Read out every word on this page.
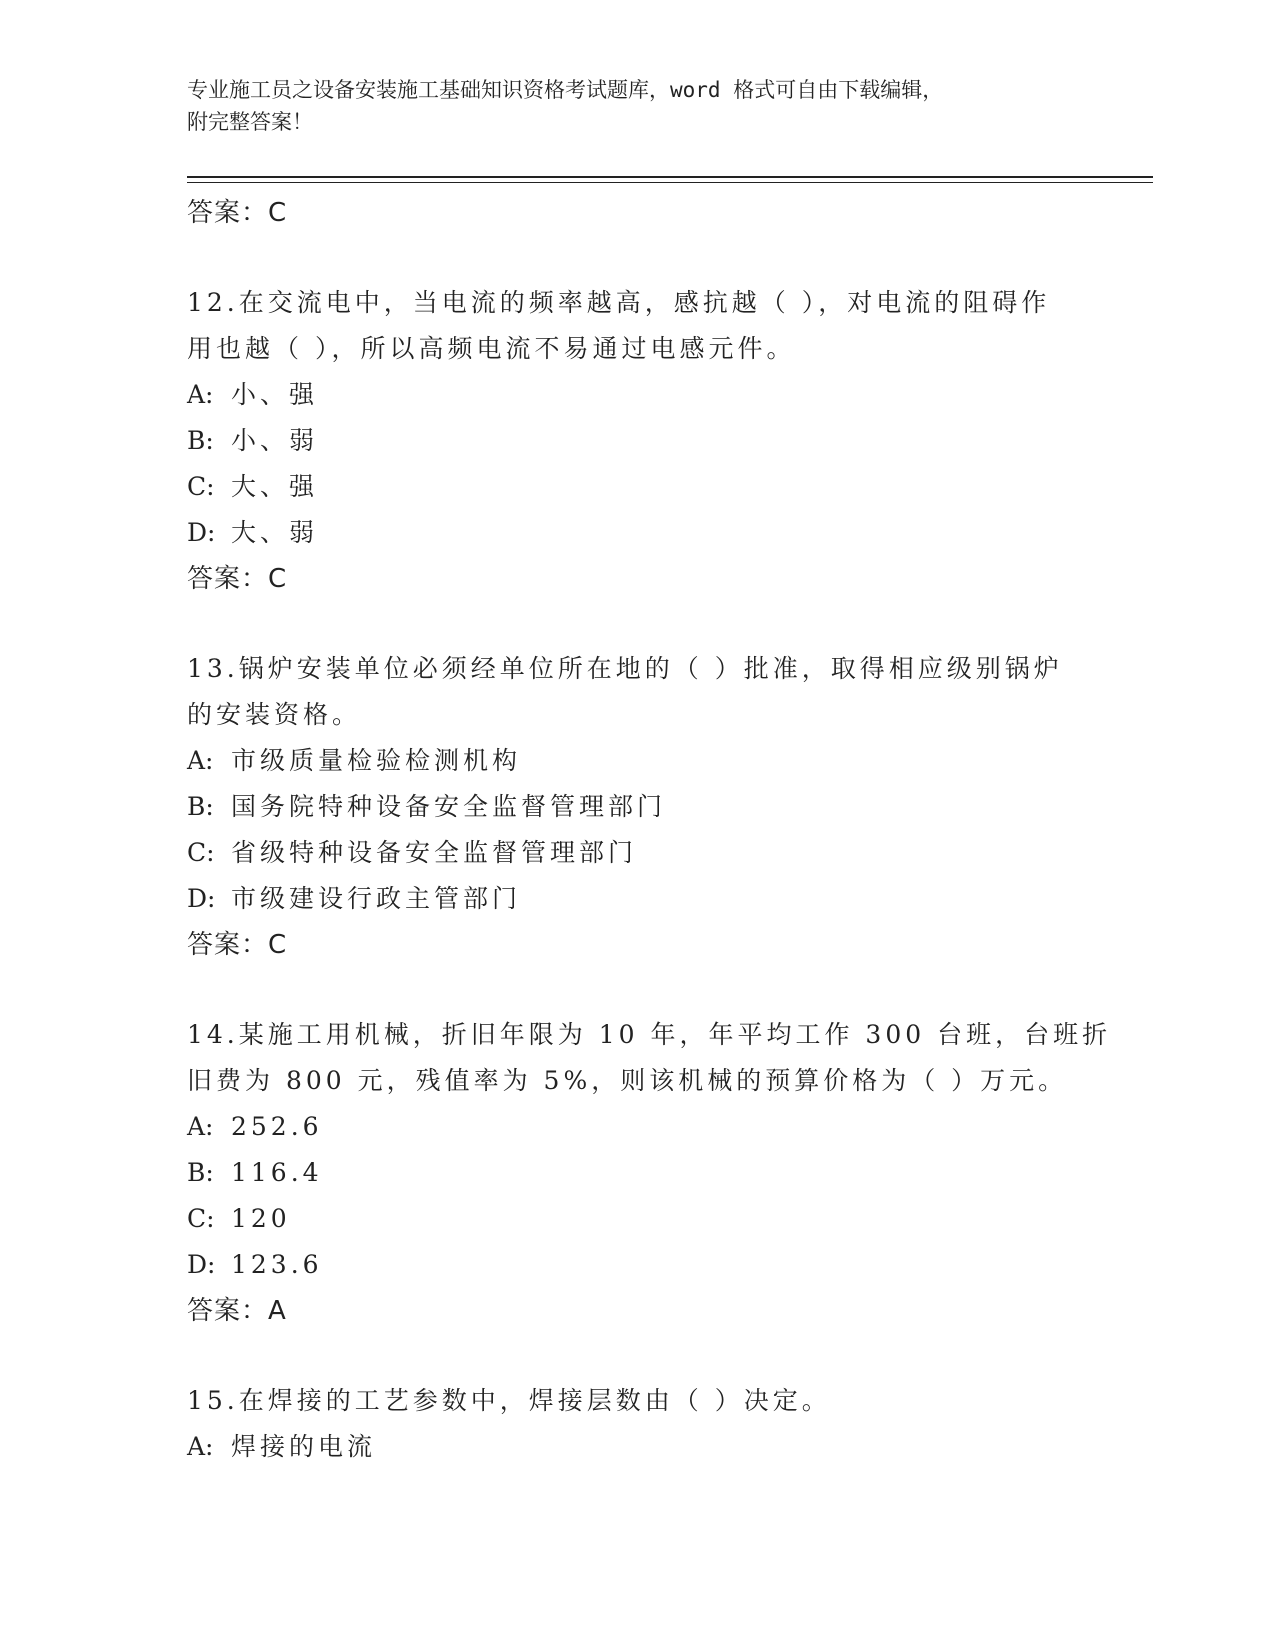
专业施工员之设备安装施工基础知识资格考试题库，word 格式可自由下载编辑，
附完整答案！
答案：C
12.在交流电中，当电流的频率越高，感抗越（ ），对电流的阻碍作
用也越（ ），所以高频电流不易通过电感元件。
A: 小、强
B: 小、弱
C: 大、强
D: 大、弱
答案：C
13.锅炉安装单位必须经单位所在地的（ ）批准，取得相应级别锅炉
的安装资格。
A: 市级质量检验检测机构
B: 国务院特种设备安全监督管理部门
C: 省级特种设备安全监督管理部门
D: 市级建设行政主管部门
答案：C
14.某施工用机械，折旧年限为 10 年，年平均工作 300 台班，台班折
旧费为 800 元，残值率为 5%，则该机械的预算价格为（ ）万元。
A: 252.6
B: 116.4
C: 120
D: 123.6
答案：A
15.在焊接的工艺参数中，焊接层数由（ ）决定。
A: 焊接的电流
